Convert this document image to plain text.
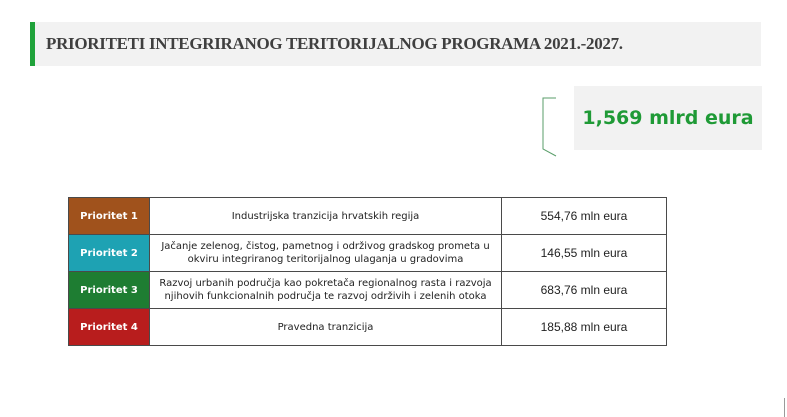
PRIORITETI INTEGRIRANOG TERITORIJALNOG PROGRAMA 2021.-2027.
1,569 mlrd eura
Prioritet 1	Industrijska tranzicija hrvatskih regija	554,76 mln eura
Prioritet 2	Jačanje zelenog, čistog, pametnog i održivog gradskog prometa u okviru integriranog teritorijalnog ulaganja u gradovima	146,55 mln eura
Prioritet 3	Razvoj urbanih područja kao pokretača regionalnog rasta i razvoja njihovih funkcionalnih područja te razvoj održivih i zelenih otoka	683,76 mln eura
Prioritet 4	Pravedna tranzicija	185,88 mln eura
